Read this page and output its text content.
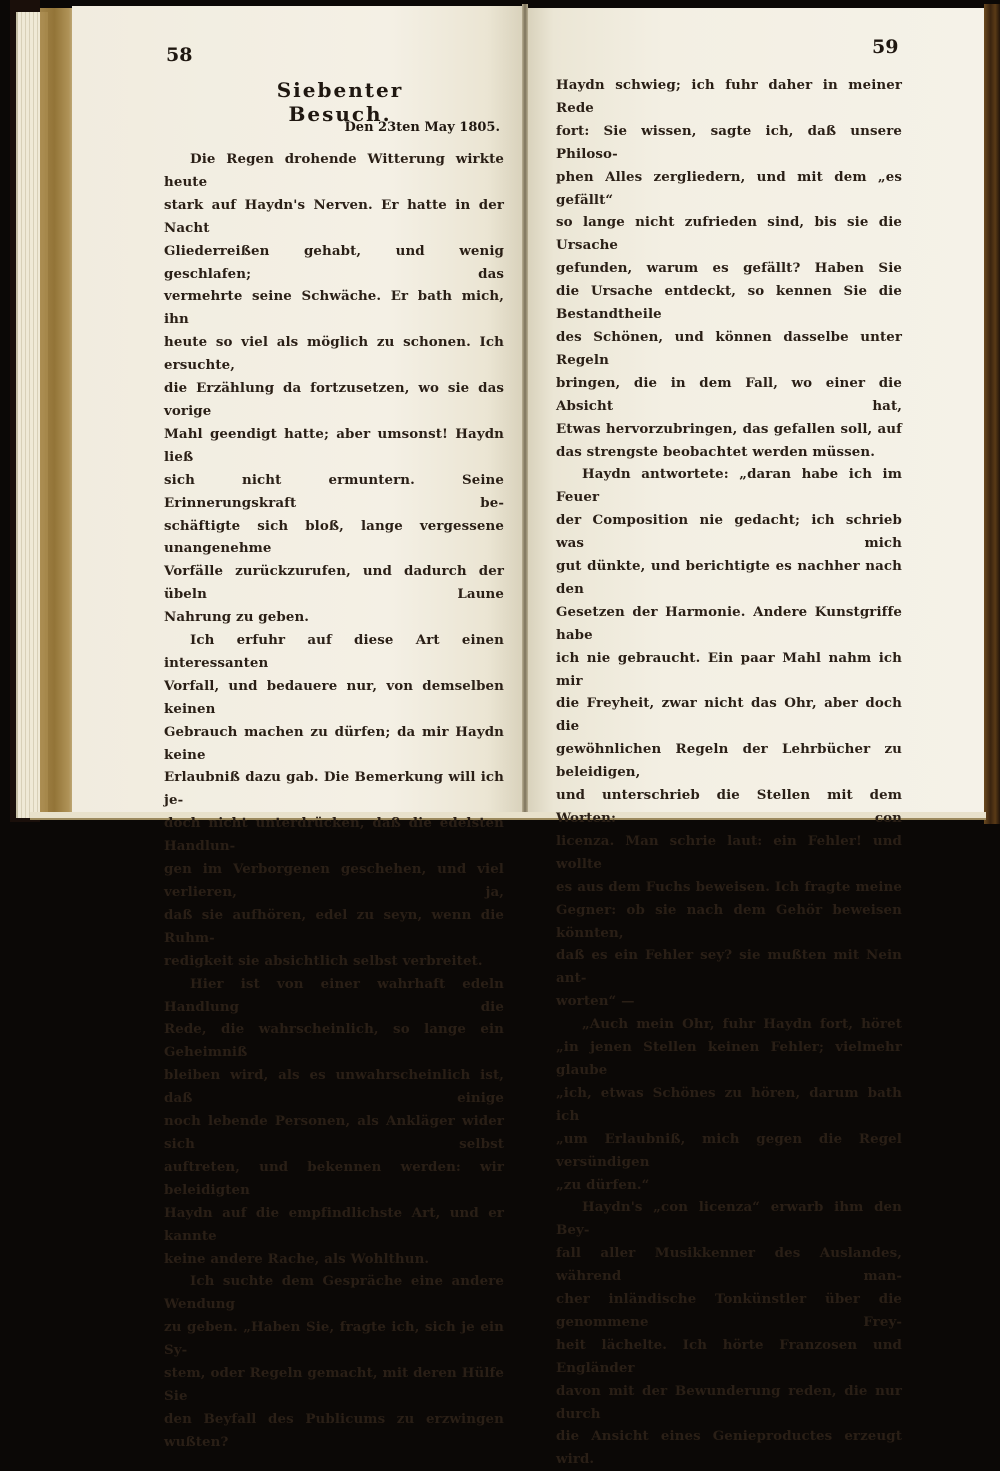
58
Siebenter Besuch.
Den 23ten May 1805.

Die Regen drohende Witterung wirkte heute

stark auf Haydn's Nerven. Er hatte in der Nacht

Gliederreißen gehabt, und wenig geschlafen; das

vermehrte seine Schwäche. Er bath mich, ihn

heute so viel als möglich zu schonen. Ich ersuchte,

die Erzählung da fortzusetzen, wo sie das vorige

Mahl geendigt hatte; aber umsonst! Haydn ließ

sich nicht ermuntern. Seine Erinnerungskraft be-

schäftigte sich bloß, lange vergessene unangenehme

Vorfälle zurückzurufen, und dadurch der übeln Laune

Nahrung zu geben.

Ich erfuhr auf diese Art einen interessanten

Vorfall, und bedauere nur, von demselben keinen

Gebrauch machen zu dürfen; da mir Haydn keine

Erlaubniß dazu gab. Die Bemerkung will ich je-

doch nicht unterdrücken, daß die edelsten Handlun-

gen im Verborgenen geschehen, und viel verlieren, ja,

daß sie aufhören, edel zu seyn, wenn die Ruhm-

redigkeit sie absichtlich selbst verbreitet.

Hier ist von einer wahrhaft edeln Handlung die

Rede, die wahrscheinlich, so lange ein Geheimniß

bleiben wird, als es unwahrscheinlich ist, daß einige

noch lebende Personen, als Ankläger wider sich selbst

auftreten, und bekennen werden: wir beleidigten

Haydn auf die empfindlichste Art, und er kannte

keine andere Rache, als Wohlthun.

Ich suchte dem Gespräche eine andere Wendung

zu geben. „Haben Sie, fragte ich, sich je ein Sy-

stem, oder Regeln gemacht, mit deren Hülfe Sie

den Beyfall des Publicums zu erzwingen wußten?

59

Haydn schwieg; ich fuhr daher in meiner Rede

fort: Sie wissen, sagte ich, daß unsere Philoso-

phen Alles zergliedern, und mit dem „es gefällt“

so lange nicht zufrieden sind, bis sie die Ursache

gefunden, warum es gefällt? Haben Sie

die Ursache entdeckt, so kennen Sie die Bestandtheile

des Schönen, und können dasselbe unter Regeln

bringen, die in dem Fall, wo einer die Absicht hat,

Etwas hervorzubringen, das gefallen soll, auf

das strengste beobachtet werden müssen.

Haydn antwortete: „daran habe ich im Feuer

der Composition nie gedacht; ich schrieb was mich

gut dünkte, und berichtigte es nachher nach den

Gesetzen der Harmonie. Andere Kunstgriffe habe

ich nie gebraucht. Ein paar Mahl nahm ich mir

die Freyheit, zwar nicht das Ohr, aber doch die

gewöhnlichen Regeln der Lehrbücher zu beleidigen,

und unterschrieb die Stellen mit dem Worten: con

licenza. Man schrie laut: ein Fehler! und wollte

es aus dem Fuchs beweisen. Ich fragte meine

Gegner: ob sie nach dem Gehör beweisen könnten,

daß es ein Fehler sey? sie mußten mit Nein ant-

worten“ —

„Auch mein Ohr, fuhr Haydn fort, höret

„in jenen Stellen keinen Fehler; vielmehr glaube

„ich, etwas Schönes zu hören, darum bath ich

„um Erlaubniß, mich gegen die Regel versündigen

„zu dürfen.“

Haydn's „con licenza“ erwarb ihm den Bey-

fall aller Musikkenner des Auslandes, während man-

cher inländische Tonkünstler über die genommene Frey-

heit lächelte. Ich hörte Franzosen und Engländer

davon mit der Bewunderung reden, die nur durch

die Ansicht eines Genieproductes erzeugt wird.
